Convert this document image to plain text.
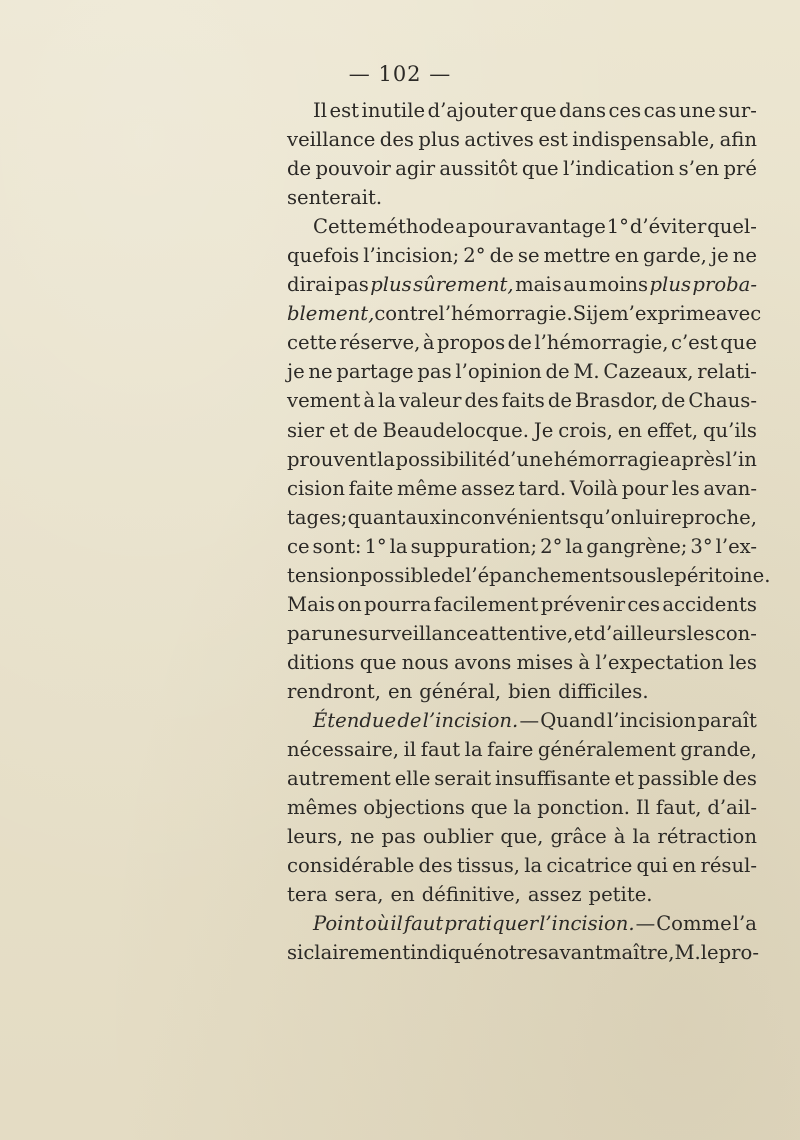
— 102 —
Il est inutile d’ajouter que dans ces cas une sur-
veillance des plus actives est indispensable, afin
de pouvoir agir aussitôt que l’indication s’en pré
senterait.
Cette méthode a pour avantage 1° d’éviter quel-
quefois l’incision; 2° de se mettre en garde, je ne
dirai pas plus sûrement, mais au moins plus proba-
blement, contre l’hémorragie. Si je m’exprime avec
cette réserve, à propos de l’hémorragie, c’est que
je ne partage pas l’opinion de M. Cazeaux, relati-
vement à la valeur des faits de Brasdor, de Chaus-
sier et de Beaudelocque. Je crois, en effet, qu’ils
prouvent la possibilité d’une hémorragie après l’in
cision faite même assez tard. Voilà pour les avan-
tages; quant aux inconvénients qu’on lui reproche,
ce sont: 1° la suppuration; 2° la gangrène; 3° l’ex-
tension possible de l’épanchement sous le péritoine.
Mais on pourra facilement prévenir ces accidents
par une surveillance attentive, et d’ailleurs les con-
ditions que nous avons mises à l’expectation les
rendront, en général, bien difficiles.
Étendue de l’incision. — Quand l’incision paraît
nécessaire, il faut la faire généralement grande,
autrement elle serait insuffisante et passible des
mêmes objections que la ponction. Il faut, d’ail-
leurs, ne pas oublier que, grâce à la rétraction
considérable des tissus, la cicatrice qui en résul-
tera sera, en définitive, assez petite.
Point où il faut pratiquer l’incision. — Comme l’a
si clairement indiqué notre savant maître, M. le pro-
